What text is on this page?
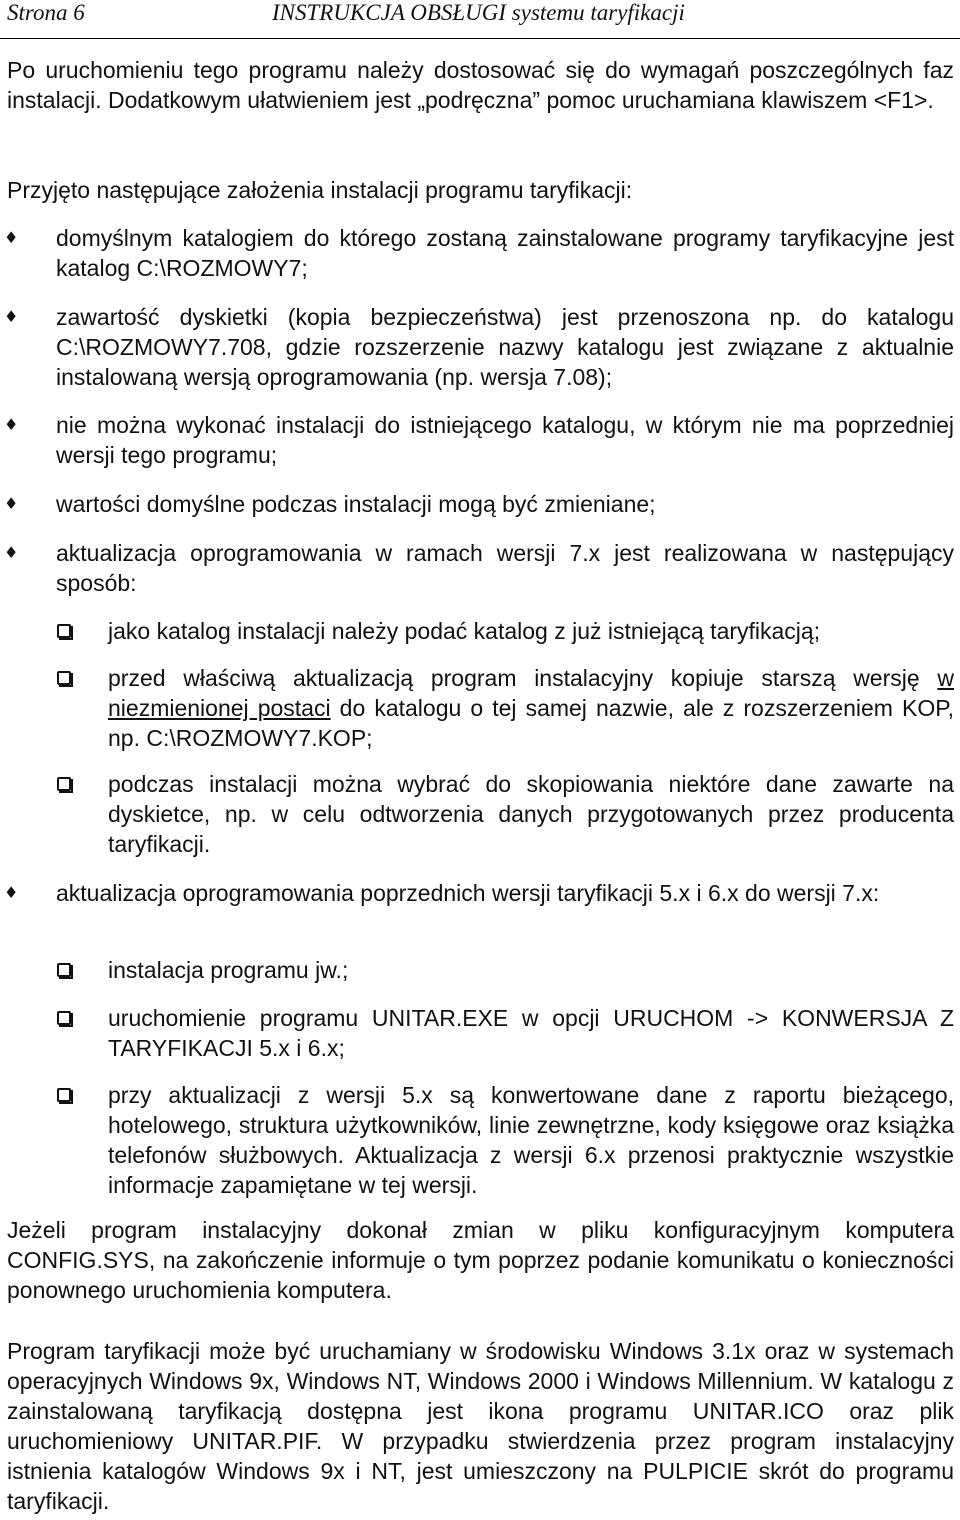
Strona 6	INSTRUKCJA OBSŁUGI systemu taryfikacji

Po uruchomieniu tego programu należy dostosować się do wymagań poszczególnych faz instalacji. Dodatkowym ułatwieniem jest „podręczna” pomoc uruchamiana klawiszem <F1>.

Przyjęto następujące założenia instalacji programu taryfikacji:

♦ domyślnym katalogiem do którego zostaną zainstalowane programy taryfikacyjne jest katalog C:\ROZMOWY7;
♦ zawartość dyskietki (kopia bezpieczeństwa) jest przenoszona np. do katalogu C:\ROZMOWY7.708, gdzie rozszerzenie nazwy katalogu jest związane z aktualnie instalowaną wersją oprogramowania (np. wersja 7.08);
♦ nie można wykonać instalacji do istniejącego katalogu, w którym nie ma poprzedniej wersji tego programu;
♦ wartości domyślne podczas instalacji mogą być zmieniane;
♦ aktualizacja oprogramowania w ramach wersji 7.x jest realizowana w następujący sposób:
jako katalog instalacji należy podać katalog z już istniejącą taryfikacją;
przed właściwą aktualizacją program instalacyjny kopiuje starszą wersję w niezmienionej postaci do katalogu o tej samej nazwie, ale z rozszerzeniem KOP, np. C:\ROZMOWY7.KOP;
podczas instalacji można wybrać do skopiowania niektóre dane zawarte na dyskietce, np. w celu odtworzenia danych przygotowanych przez producenta taryfikacji.
♦ aktualizacja oprogramowania poprzednich wersji taryfikacji 5.x i 6.x do wersji 7.x:
instalacja programu jw.;
uruchomienie programu UNITAR.EXE w opcji URUCHOM -> KONWERSJA Z TARYFIKACJI 5.x i 6.x;
przy aktualizacji z wersji 5.x są konwertowane dane z raportu bieżącego, hotelowego, struktura użytkowników, linie zewnętrzne, kody księgowe oraz książka telefonów służbowych. Aktualizacja z wersji 6.x przenosi praktycznie wszystkie informacje zapamiętane w tej wersji.

Jeżeli program instalacyjny dokonał zmian w pliku konfiguracyjnym komputera CONFIG.SYS, na zakończenie informuje o tym poprzez podanie komunikatu o konieczności ponownego uruchomienia komputera.

Program taryfikacji może być uruchamiany w środowisku Windows 3.1x oraz w systemach operacyjnych Windows 9x, Windows NT, Windows 2000 i Windows Millennium. W katalogu z zainstalowaną taryfikacją dostępna jest ikona programu UNITAR.ICO oraz plik uruchomieniowy UNITAR.PIF. W przypadku stwierdzenia przez program instalacyjny istnienia katalogów Windows 9x i NT, jest umieszczony na PULPICIE skrót do programu taryfikacji.
